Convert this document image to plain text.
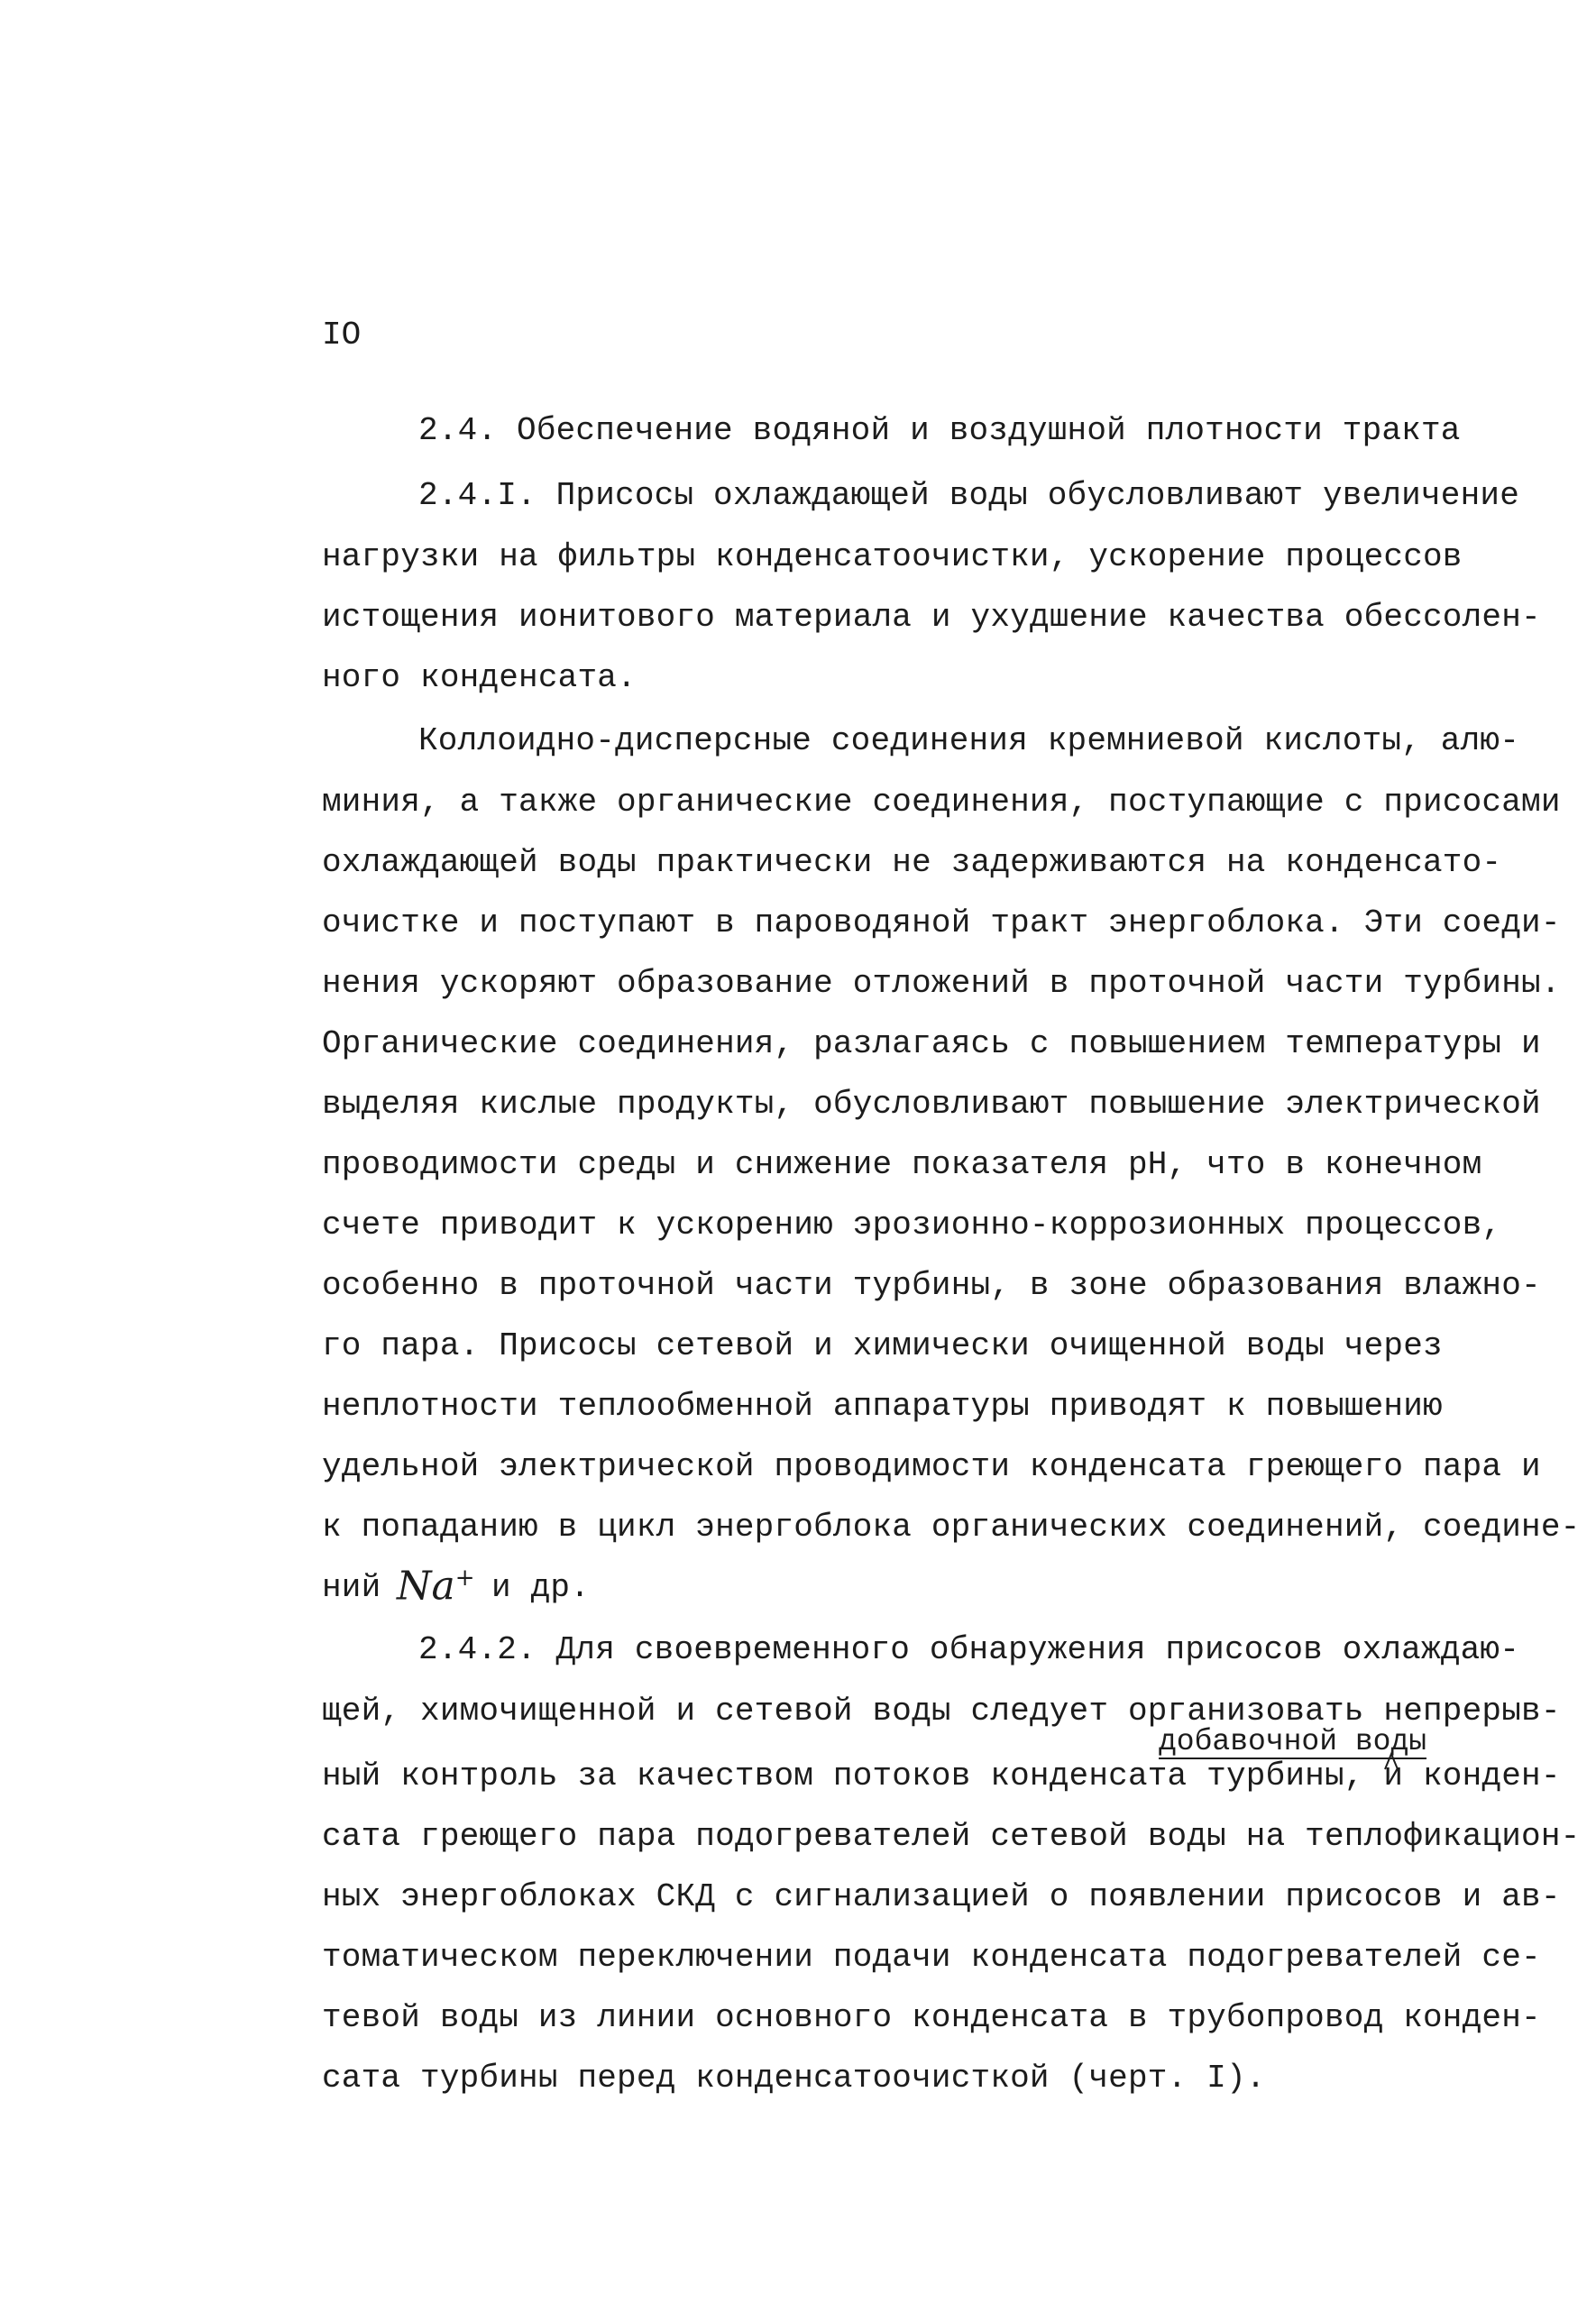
IO
2.4. Обеспечение водяной и воздушной плотности тракта
2.4.I. Присосы охлаждающей воды обусловливают увеличение
нагрузки на фильтры конденсатоочистки, ускорение процессов
истощения ионитового материала и ухудшение качества обессолен-
ного конденсата.
Коллоидно-дисперсные соединения кремниевой кислоты, алю-
миния, а также органические соединения, поступающие с присосами
охлаждающей воды практически не задерживаются на конденсато-
очистке и поступают в пароводяной тракт энергоблока. Эти соеди-
нения ускоряют образование отложений в проточной части турбины.
Органические соединения, разлагаясь с повышением температуры и
выделяя кислые продукты, обусловливают повышение электрической
проводимости среды и снижение показателя рН, что в конечном
счете приводит к ускорению эрозионно-коррозионных процессов,
особенно в проточной части турбины, в зоне образования влажно-
го пара. Присосы сетевой и химически очищенной воды через
неплотности теплообменной аппаратуры приводят к повышению
удельной электрической проводимости конденсата греющего пара и
к попаданию в цикл энергоблока органических соединений, соедине-
ний Na+ и др.
2.4.2. Для своевременного обнаружения присосов охлаждаю-
щей, химочищенной и сетевой воды следует организовать непрерыв-
добавочной воды
ный контроль за качеством потоков конденсата турбины, и конден-
сата греющего пара подогревателей сетевой воды на теплофикацион-
ных энергоблоках СКД с сигнализацией о появлении присосов и ав-
томатическом переключении подачи конденсата подогревателей се-
тевой воды из линии основного конденсата в трубопровод конден-
сата турбины перед конденсатоочисткой (черт. I).
